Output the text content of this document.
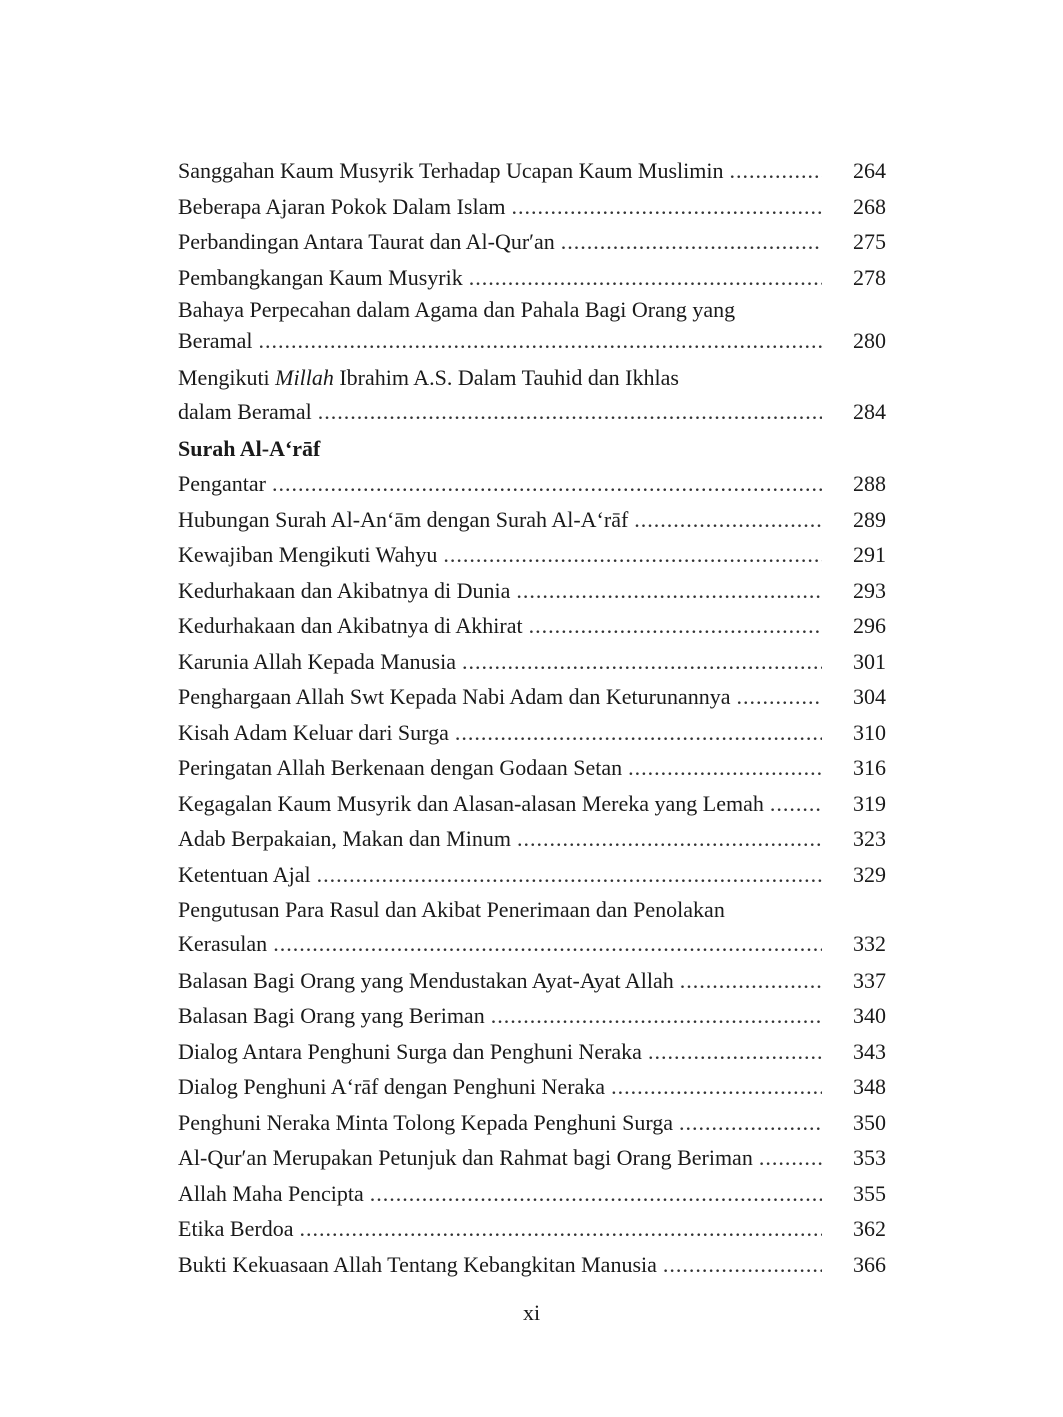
Sanggahan Kaum Musyrik Terhadap Ucapan Kaum Muslimin .....	264
Beberapa Ajaran Pokok Dalam Islam .....	268
Perbandingan Antara Taurat dan Al-Qur′an .....	275
Pembangkangan Kaum Musyrik .....	278
Bahaya Perpecahan dalam Agama dan Pahala Bagi Orang yang
Beramal .....	280
Mengikuti Millah Ibrahim A.S. Dalam Tauhid dan Ikhlas
dalam Beramal .....	284
Surah Al-A‘rāf
Pengantar .....	288
Hubungan Surah Al-An‘ām dengan Surah Al-A‘rāf .....	289
Kewajiban Mengikuti Wahyu .....	291
Kedurhakaan dan Akibatnya di Dunia .....	293
Kedurhakaan dan Akibatnya di Akhirat .....	296
Karunia Allah Kepada Manusia .....	301
Penghargaan Allah Swt Kepada Nabi Adam dan Keturunannya .....	304
Kisah Adam Keluar dari Surga .....	310
Peringatan Allah Berkenaan dengan Godaan Setan .....	316
Kegagalan Kaum Musyrik dan Alasan-alasan Mereka yang Lemah .....	319
Adab Berpakaian, Makan dan Minum .....	323
Ketentuan Ajal .....	329
Pengutusan Para Rasul dan Akibat Penerimaan dan Penolakan
Kerasulan .....	332
Balasan Bagi Orang yang Mendustakan Ayat-Ayat Allah .....	337
Balasan Bagi Orang yang Beriman .....	340
Dialog Antara Penghuni Surga dan Penghuni Neraka .....	343
Dialog Penghuni A‘rāf dengan Penghuni Neraka .....	348
Penghuni Neraka Minta Tolong Kepada Penghuni Surga .....	350
Al-Qur′an Merupakan Petunjuk dan Rahmat bagi Orang Beriman .....	353
Allah Maha Pencipta .....	355
Etika Berdoa .....	362
Bukti Kekuasaan Allah Tentang Kebangkitan Manusia .....	366
xi
